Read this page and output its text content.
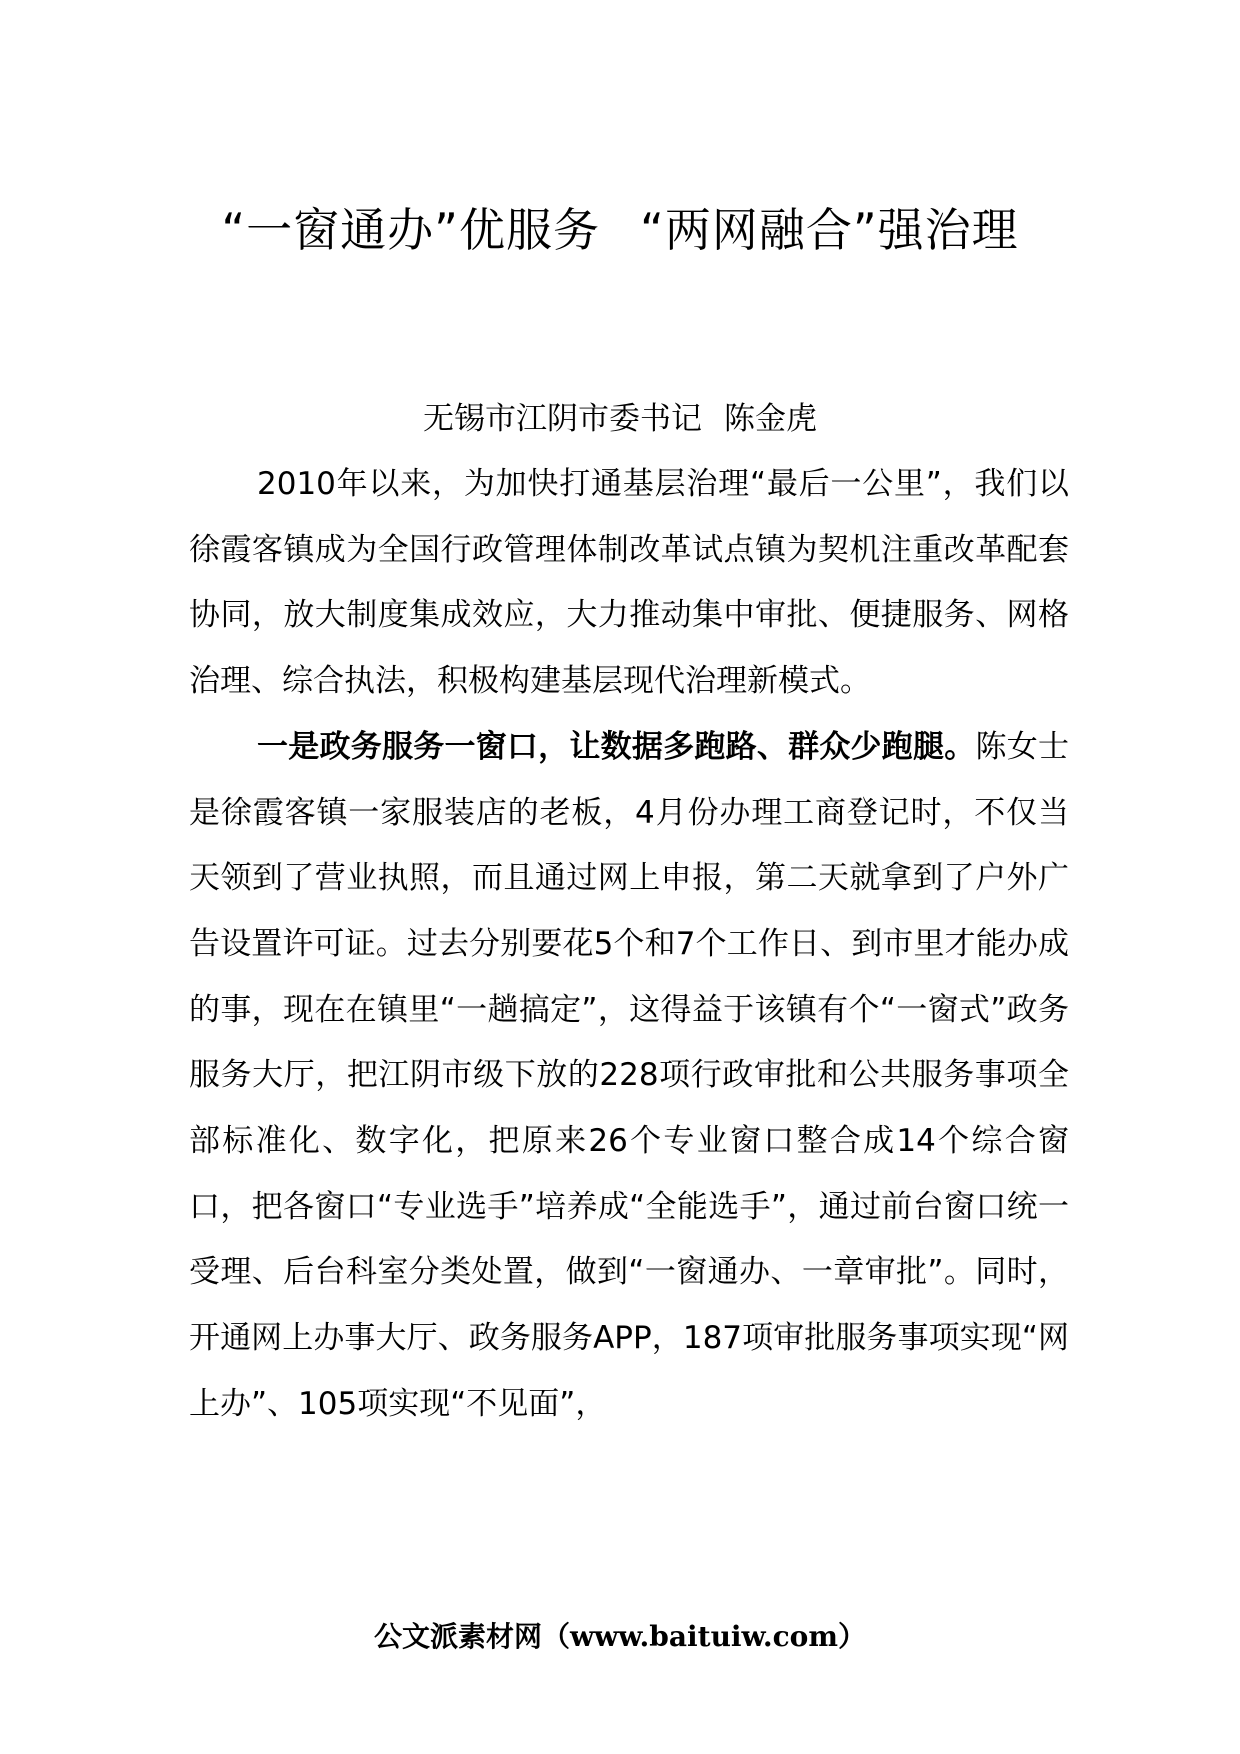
“一窗通办”优服务 “两网融合”强治理

无锡市江阴市委书记 陈金虎

2010年以来，为加快打通基层治理“最后一公里”，我们以徐霞客镇成为全国行政管理体制改革试点镇为契机注重改革配套协同，放大制度集成效应，大力推动集中审批、便捷服务、网格治理、综合执法，积极构建基层现代治理新模式。

一是政务服务一窗口，让数据多跑路、群众少跑腿。陈女士是徐霞客镇一家服装店的老板，4月份办理工商登记时，不仅当天领到了营业执照，而且通过网上申报，第二天就拿到了户外广告设置许可证。过去分别要花5个和7个工作日、到市里才能办成的事，现在在镇里“一趟搞定”，这得益于该镇有个“一窗式”政务服务大厅，把江阴市级下放的228项行政审批和公共服务事项全部标准化、数字化，把原来26个专业窗口整合成14个综合窗口，把各窗口“专业选手”培养成“全能选手”，通过前台窗口统一受理、后台科室分类处置，做到“一窗通办、一章审批”。同时，开通网上办事大厅、政务服务APP，187项审批服务事项实现“网上办”、105项实现“不见面”，

公文派素材网（www.baituiw.com）
